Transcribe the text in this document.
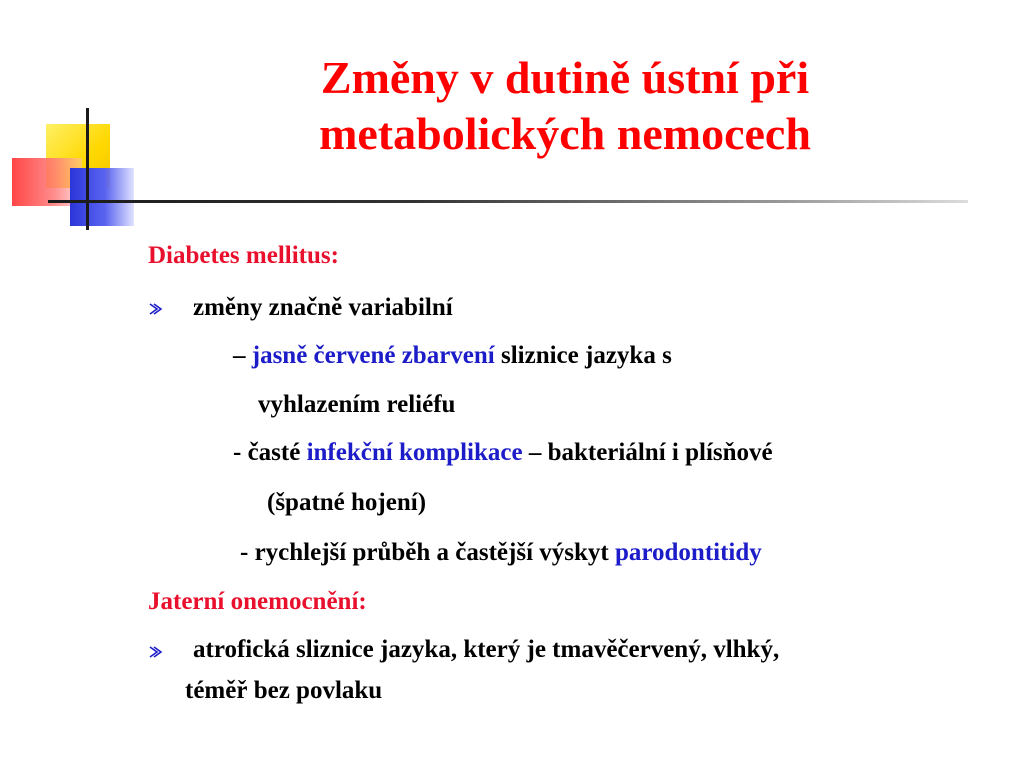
Změny v dutině ústní při
metabolických nemocech
Diabetes mellitus:
změny značně variabilní
– jasně červené zbarvení sliznice jazyka s
vyhlazením reliéfu
- časté infekční komplikace – bakteriální i plísňové
(špatné hojení)
- rychlejší průběh a častější výskyt parodontitidy
Jaterní onemocnění:
atrofická sliznice jazyka, který je tmavěčervený, vlhký,
téměř bez povlaku
